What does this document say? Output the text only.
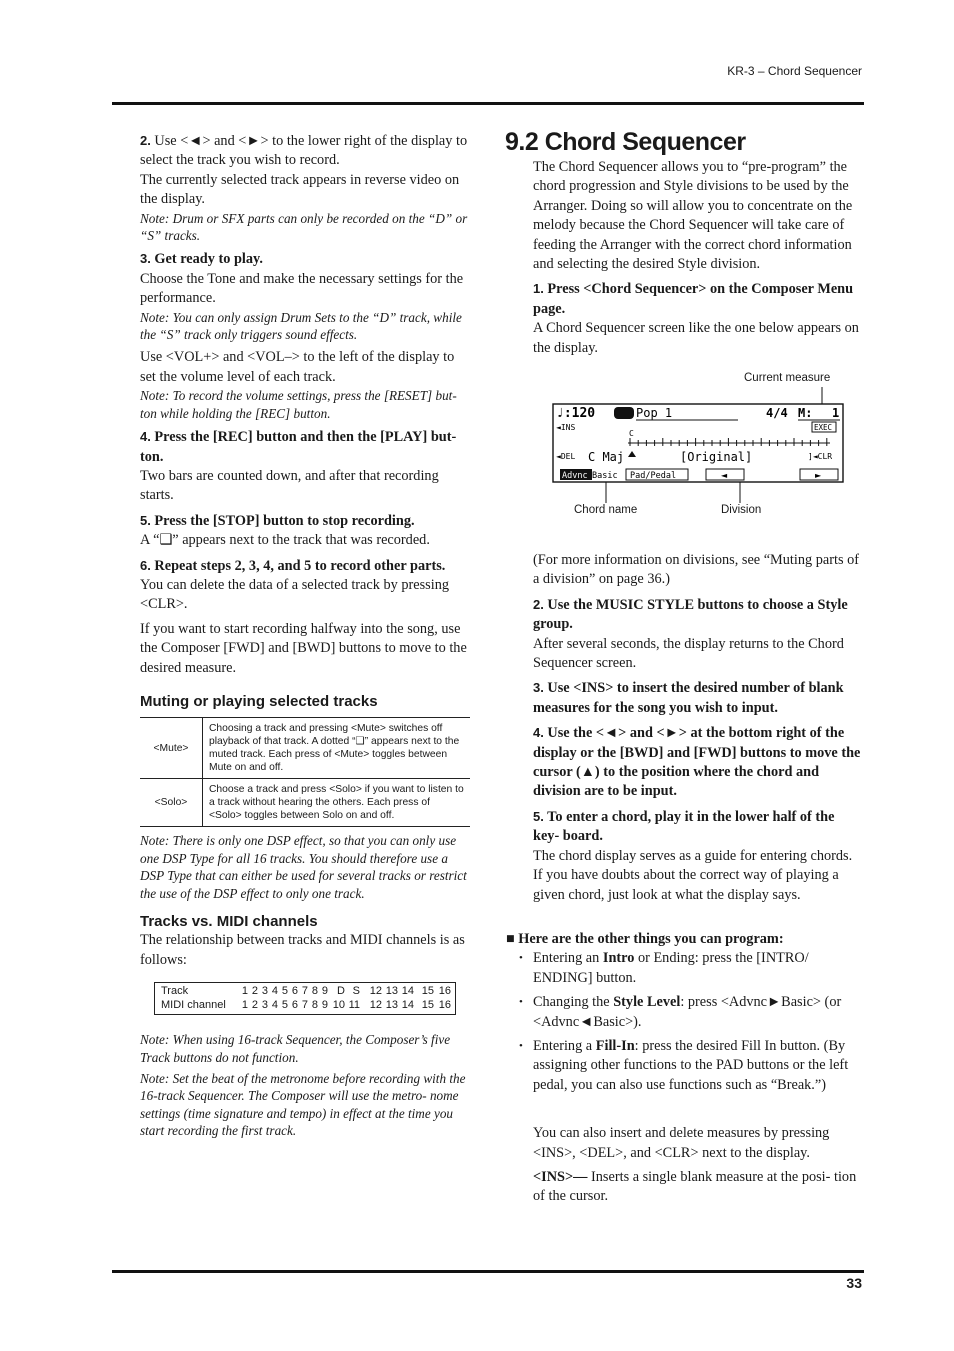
KR-3 – Chord Sequencer

2. Use <◄> and <►> to the lower right of the display to select the track you wish to record.

The currently selected track appears in reverse video on the display.

Note: Drum or SFX parts can only be recorded on the “D” or “S” tracks.

3. Get ready to play.

Choose the Tone and make the necessary settings for the performance.

Note: You can only assign Drum Sets to the “D” track, while the “S” track only triggers sound effects.

Use <VOL+> and <VOL–> to the left of the display to set the volume level of each track.

Note: To record the volume settings, press the [RESET] but- ton while holding the [REC] button.

4. Press the [REC] button and then the [PLAY] but- ton.

Two bars are counted down, and after that recording starts.

5. Press the [STOP] button to stop recording.

A “❑” appears next to the track that was recorded.

6. Repeat steps 2, 3, 4, and 5 to record other parts.

You can delete the data of a selected track by pressing <CLR>.

If you want to start recording halfway into the song, use the Composer [FWD] and [BWD] buttons to move to the desired measure.

Muting or playing selected tracks
<Mute>	Choosing a track and pressing <Mute> switches off playback of that track. A dotted “❑” appears next to the muted track. Each press of <Mute> toggles between Mute on and off.
<Solo>	Choose a track and press <Solo> if you want to listen to a track without hearing the others. Each press of <Solo> toggles between Solo on and off.

Note: There is only one DSP effect, so that you can only use one DSP Type for all 16 tracks. You should therefore use a DSP Type that can either be used for several tracks or restrict the use of the DSP effect to only one track.

Tracks vs. MIDI channels

The relationship between tracks and MIDI channels is as follows:

Track	1 2 3 4 5 6 7 8 9 D S 12 13 14 15 16
MIDI channel	1 2 3 4 5 6 7 8 9 10 11 12 13 14 15 16

Note: When using 16-track Sequencer, the Composer’s five Track buttons do not function.

Note: Set the beat of the metronome before recording with the 16-track Sequencer. The Composer will use the metro- nome settings (time signature and tempo) in effect at the time you start recording the first track.

9.2 Chord Sequencer

The Chord Sequencer allows you to “pre-program” the chord progression and Style divisions to be used by the Arranger. Doing so will allow you to concentrate on the melody because the Chord Sequencer will take care of feeding the Arranger with the correct chord information and selecting the desired Style division.

1. Press <Chord Sequencer> on the Composer Menu page.

A Chord Sequencer screen like the one below appears on the display.

Current measure
Chord name	Division
♩:120	Pop 1	4/4 M: 1
◄INS
C
EXEC
◄DEL C Maj	[Original]	]◄CLR
Advnc Basic Pad/Pedal	◄	►

(For more information on divisions, see “Muting parts of a division” on page 36.)

2. Use the MUSIC STYLE buttons to choose a Style group.

After several seconds, the display returns to the Chord Sequencer screen.

3. Use <INS> to insert the desired number of blank measures for the song you wish to input.

4. Use the <◄> and <►> at the bottom right of the display or the [BWD] and [FWD] buttons to move the cursor (▲) to the position where the chord and division are to be input.

5. To enter a chord, play it in the lower half of the key- board.

The chord display serves as a guide for entering chords. If you have doubts about the correct way of playing a given chord, just look at what the display says.

■ Here are the other things you can program:

• Entering an Intro or Ending: press the [INTRO/ ENDING] button.
• Changing the Style Level: press <Advnc►Basic> (or <Advnc◄Basic>).
• Entering a Fill-In: press the desired Fill In button. (By assigning other functions to the PAD buttons or the left pedal, you can also use functions such as “Break.”)

You can also insert and delete measures by pressing <INS>, <DEL>, and <CLR> next to the display.

<INS>— Inserts a single blank measure at the posi- tion of the cursor.

33
